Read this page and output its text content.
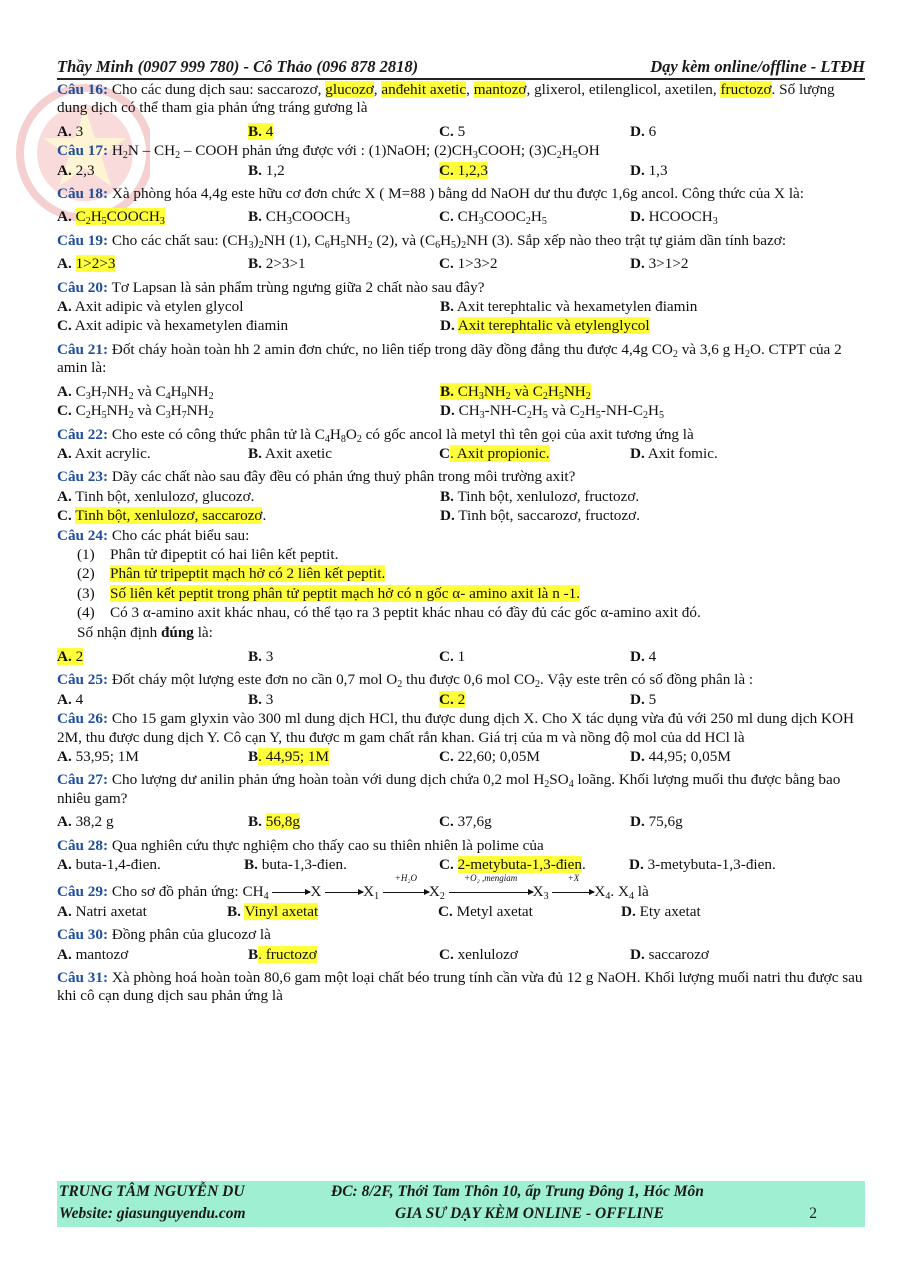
Thầy Minh (0907 999 780) - Cô Thảo (096 878 2818)	Dạy kèm online/offline - LTĐH
Câu 16: Cho các dung dịch sau: saccarozơ, glucozơ, anđehit axetic, mantozơ, glixerol, etilenglicol, axetilen, fructozơ. Số lượng dung dịch có thể tham gia phản ứng tráng gương là
A. 3	B. 4	C. 5	D. 6
Câu 17: $H_2N - CH_2$ – COOH phản ứng được với : (1)NaOH; $(2)CH_3COOH$; $(3)C_2H_5OH$
A. 2,3	B. 1,2	C. 1,2,3	D. 1,3
Câu 18: Xà phòng hóa 4,4g este hữu cơ đơn chức X ( M=88 ) bằng dd NaOH dư thu được 1,6g ancol. Công thức của X là:
A. $C_2H_5COOCH_3$	B. $CH_3COOCH_3$	C. $CH_3COOC_2H_5$	D. $HCOOCH_3$
Câu 19: Cho các chất sau: $(CH_3)_2NH$ (1), $C_6H_5NH_2$ (2), và $(C_6H_5)_2NH$ (3). Sắp xếp nào theo trật tự giảm dần tính bazơ:
A. 1>2>3	B. 2>3>1	C. 1>3>2	D. 3>1>2
Câu 20: Tơ Lapsan là sản phẩm trùng ngưng giữa 2 chất nào sau đây?
A. Axit adipic và etylen glycol	B. Axit terephtalic và hexametylen điamin
C. Axit adipic và hexametylen điamin	D. Axit terephtalic và etylenglycol
Câu 21: Đốt cháy hoàn toàn hh 2 amin đơn chức, no liên tiếp trong dãy đồng đẳng thu được 4,4g $CO_2$ và 3,6 g $H_2O$. CTPT của 2 amin là:
A. $C_3H_7NH_2$ và $C_4H_9NH_2$	B. $CH_3NH_2$ và $C_2H_5NH_2$
C. $C_2H_5NH_2$ và $C_3H_7NH_2$	D. $CH_3-NH-C_2H_5$ và $C_2H_5-NH-C_2H_5$
Câu 22: Cho este có công thức phân tử là $C_4H_8O_2$ có gốc ancol là metyl thì tên gọi của axit tương ứng là
A. Axit acrylic.	B. Axit axetic	C. Axit propionic.	D. Axit fomic.
Câu 23: Dãy các chất nào sau đây đều có phản ứng thuỷ phân trong môi trường axit?
A. Tinh bột, xenlulozơ, glucozơ.	B. Tinh bột, xenlulozơ, fructozơ.
C. Tinh bột, xenlulozơ, saccarozơ.	D. Tinh bột, saccarozơ, fructozơ.
Câu 24: Cho các phát biểu sau:
(1) Phân tử đipeptit có hai liên kết peptit.
(2) Phân tử tripeptit mạch hở có 2 liên kết peptit.
(3) Số liên kết peptit trong phân tử peptit mạch hở có n gốc α- amino axit là n -1.
(4) Có 3 α-amino axit khác nhau, có thể tạo ra 3 peptit khác nhau có đầy đủ các gốc α-amino axit đó.
Số nhận định đúng là:
A. 2	B. 3	C. 1	D. 4
Câu 25: Đốt cháy một lượng este đơn no cần 0,7 mol $O_2$ thu được 0,6 mol $CO_2$. Vậy este trên có số đồng phân là :
A. 4	B. 3	C. 2	D. 5
Câu 26: Cho 15 gam glyxin vào 300 ml dung dịch HCl, thu được dung dịch X. Cho X tác dụng vừa đủ với 250 ml dung dịch KOH 2M, thu được dung dịch Y. Cô cạn Y, thu được m gam chất rắn khan. Giá trị của m và nồng độ mol của dd HCl là
A. 53,95; 1M	B. 44,95; 1M	C. 22,60; 0,05M	D. 44,95; 0,05M
Câu 27: Cho lượng dư anilin phản ứng hoàn toàn với dung dịch chứa 0,2 mol $H_2SO_4$ loãng. Khối lượng muối thu được bằng bao nhiêu gam?
A. 38,2 g	B. 56,8g	C. 37,6g	D. 75,6g
Câu 28: Qua nghiên cứu thực nghiệm cho thấy cao su thiên nhiên là polime của
A. buta-1,4-đien.	B. buta-1,3-đien.	C. 2-metybuta-1,3-đien.	D. 3-metybuta-1,3-đien.
Câu 29: Cho sơ đồ phản ứng: $CH_4 \to X \to X_1$
+H₂O
$X_2$
+O₂ ,mengiam
$X_3$
+X
$X_4$. $X_4$ là
A. Natri axetat	B. Vinyl axetat	C. Metyl axetat	D. Ety axetat
Câu 30: Đồng phân của glucozơ là
A. mantozơ	B. fructozơ	C. xenlulozơ	D. saccarozơ
Câu 31: Xà phòng hoá hoàn toàn 80,6 gam một loại chất béo trung tính cần vừa đủ 12 g NaOH. Khối lượng muối natri thu được sau khi cô cạn dung dịch sau phản ứng là
TRUNG TÂM NGUYỄN DU	ĐC: 8/2F, Thới Tam Thôn 10, ấp Trung Đông 1, Hóc Môn
Website: giasunguyendu.com	GIA SƯ DẠY KÈM ONLINE - OFFLINE	2
